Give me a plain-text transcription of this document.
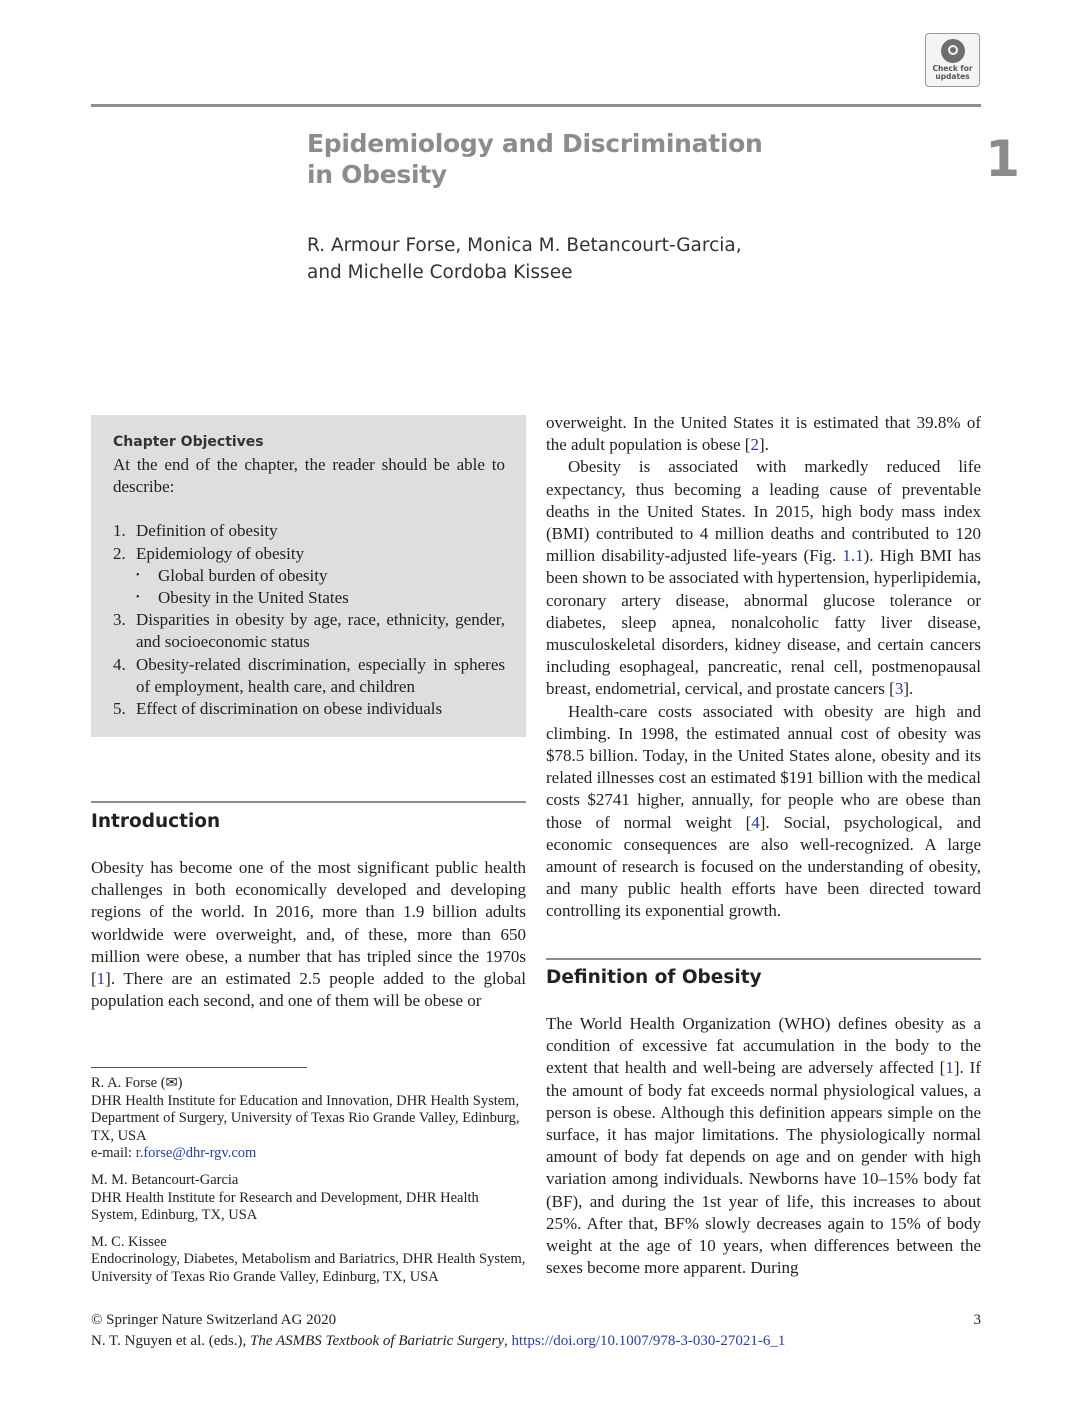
Check for
updates
Epidemiology and Discrimination
in Obesity	1
R. Armour Forse, Monica M. Betancourt-Garcia,
and Michelle Cordoba Kissee
Chapter Objectives
At the end of the chapter, the reader should be able to describe:
1. Definition of obesity
2. Epidemiology of obesity
• Global burden of obesity
• Obesity in the United States
3. Disparities in obesity by age, race, ethnicity, gender, and socioeconomic status
4. Obesity-related discrimination, especially in spheres of employment, health care, and children
5. Effect of discrimination on obese individuals
Introduction

Obesity has become one of the most significant public health challenges in both economically developed and developing regions of the world. In 2016, more than 1.9 billion adults worldwide were overweight, and, of these, more than 650 million were obese, a number that has tripled since the 1970s [1]. There are an estimated 2.5 people added to the global population each second, and one of them will be obese or

overweight. In the United States it is estimated that 39.8% of the adult population is obese [2].

Obesity is associated with markedly reduced life expectancy, thus becoming a leading cause of preventable deaths in the United States. In 2015, high body mass index (BMI) contributed to 4 million deaths and contributed to 120 million disability-adjusted life-years (Fig. 1.1). High BMI has been shown to be associated with hypertension, hyperlipidemia, coronary artery disease, abnormal glucose tolerance or diabetes, sleep apnea, nonalcoholic fatty liver disease, musculoskeletal disorders, kidney disease, and certain cancers including esophageal, pancreatic, renal cell, postmenopausal breast, endometrial, cervical, and prostate cancers [3].

Health-care costs associated with obesity are high and climbing. In 1998, the estimated annual cost of obesity was $78.5 billion. Today, in the United States alone, obesity and its related illnesses cost an estimated $191 billion with the medical costs $2741 higher, annually, for people who are obese than those of normal weight [4]. Social, psychological, and economic consequences are also well-recognized. A large amount of research is focused on the understanding of obesity, and many public health efforts have been directed toward controlling its exponential growth.

Definition of Obesity

The World Health Organization (WHO) defines obesity as a condition of excessive fat accumulation in the body to the extent that health and well-being are adversely affected [1]. If the amount of body fat exceeds normal physiological values, a person is obese. Although this definition appears simple on the surface, it has major limitations. The physiologically normal amount of body fat depends on age and on gender with high variation among individuals. Newborns have 10–15% body fat (BF), and during the 1st year of life, this increases to about 25%. After that, BF% slowly decreases again to 15% of body weight at the age of 10 years, when differences between the sexes become more apparent. During

R. A. Forse (✉)
DHR Health Institute for Education and Innovation, DHR Health System, Department of Surgery, University of Texas Rio Grande Valley, Edinburg, TX, USA
e-mail: r.forse@dhr-rgv.com
M. M. Betancourt-Garcia
DHR Health Institute for Research and Development, DHR Health System, Edinburg, TX, USA
M. C. Kissee
Endocrinology, Diabetes, Metabolism and Bariatrics, DHR Health System, University of Texas Rio Grande Valley, Edinburg, TX, USA
© Springer Nature Switzerland AG 2020	3
N. T. Nguyen et al. (eds.), The ASMBS Textbook of Bariatric Surgery, https://doi.org/10.1007/978-3-030-27021-6_1
